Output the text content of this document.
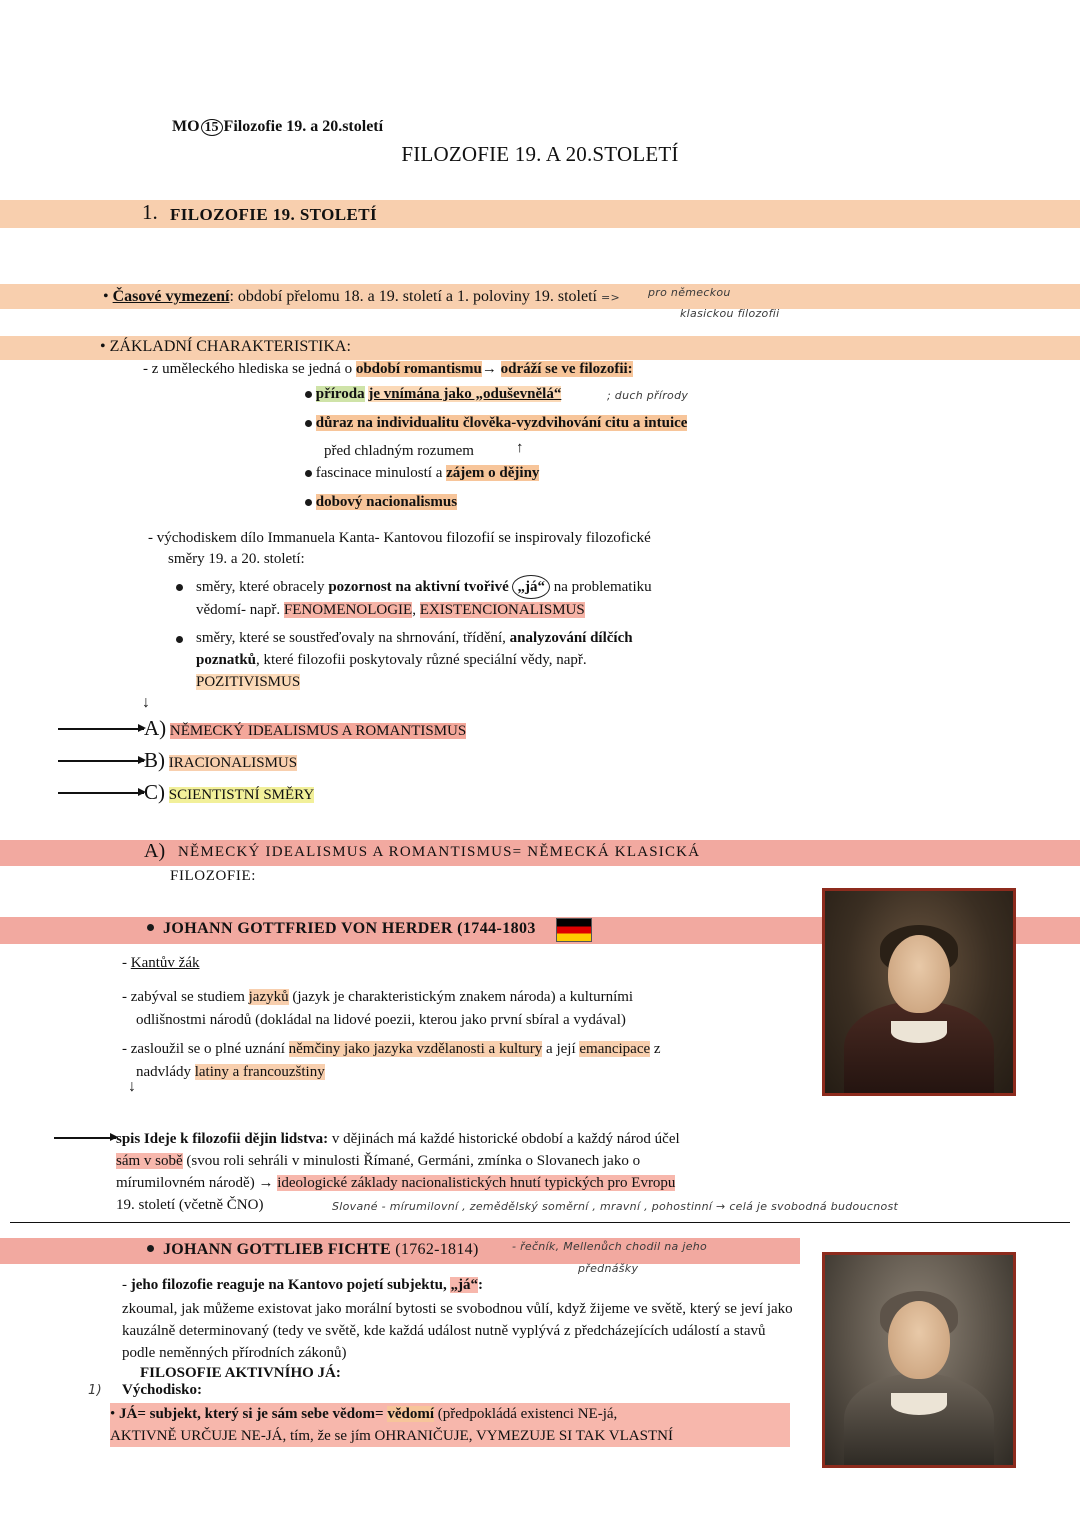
MO 15 Filozofie 19. a 20.století
FILOZOFIE 19. A 20.STOLETÍ
1. FILOZOFIE 19. STOLETÍ
• Časové vymezení: období přelomu 18. a 19. století a 1. poloviny 19. století =>	pro německou
klasickou filozofii
• ZÁKLADNÍ CHARAKTERISTIKA:
- z uměleckého hlediska se jedná o období romantismu→ odráží se ve filozofii:
příroda je vnímána jako „oduševnělá“	; duch přírody
důraz na individualitu člověka-vyzdvihování citu a intuice
před chladným rozumem	↑
fascinace minulostí a zájem o dějiny
dobový nacionalismus
- východiskem dílo Immanuela Kanta- Kantovou filozofií se inspirovaly filozofické
směry 19. a 20. století:
směry, které obracely pozornost na aktivní tvořivé „já“ na problematiku
vědomí- např. FENOMENOLOGIE, EXISTENCIONALISMUS
směry, které se soustřeďovaly na shrnování, třídění, analyzování dílčích
poznatků, které filozofii poskytovaly různé speciální vědy, např.
POZITIVISMUS
↓
A) NĚMECKÝ IDEALISMUS A ROMANTISMUS
B) IRACIONALISMUS
C) SCIENTISTNÍ SMĚRY
A) NĚMECKÝ IDEALISMUS A ROMANTISMUS= NĚMECKÁ KLASICKÁ
FILOZOFIE:
JOHANN GOTTFRIED VON HERDER (1744-1803
- Kantův žák
- zabýval se studiem jazyků (jazyk je charakteristickým znakem národa) a kulturními
odlišnostmi národů (dokládal na lidové poezii, kterou jako první sbíral a vydával)
- zasloužil se o plné uznání němčiny jako jazyka vzdělanosti a kultury a její emancipace z
nadvlády latiny a francouzštiny
↓
spis Ideje k filozofii dějin lidstva: v dějinách má každé historické období a každý národ účel
sám v sobě (svou roli sehráli v minulosti Římané, Germáni, zmínka o Slovanech jako o
mírumilovném národě) → ideologické základy nacionalistických hnutí typických pro Evropu
19. století (včetně ČNO)	Slované - mírumilovní , zemědělský soměrní , mravní , pohostinní → celá je svobodná budoucnost
JOHANN GOTTLIEB FICHTE (1762-1814)	- řečník, Mellenůch chodil na jeho
přednášky
- jeho filozofie reaguje na Kantovo pojetí subjektu, „já“:
zkoumal, jak můžeme existovat jako morální bytosti se svobodnou vůlí, když žijeme ve světě, který se jeví jako kauzálně determinovaný (tedy ve světě, kde každá událost nutně vyplývá z předcházejících událostí a stavů podle neměnných přírodních zákonů)
FILOSOFIE AKTIVNÍHO JÁ:
1) Východisko:
• JÁ= subjekt, který si je sám sebe vědom= vědomí (předpokládá existenci NE-já,
AKTIVNĚ URČUJE NE-JÁ, tím, že se jím OHRANIČUJE, VYMEZUJE SI TAK VLASTNÍ
